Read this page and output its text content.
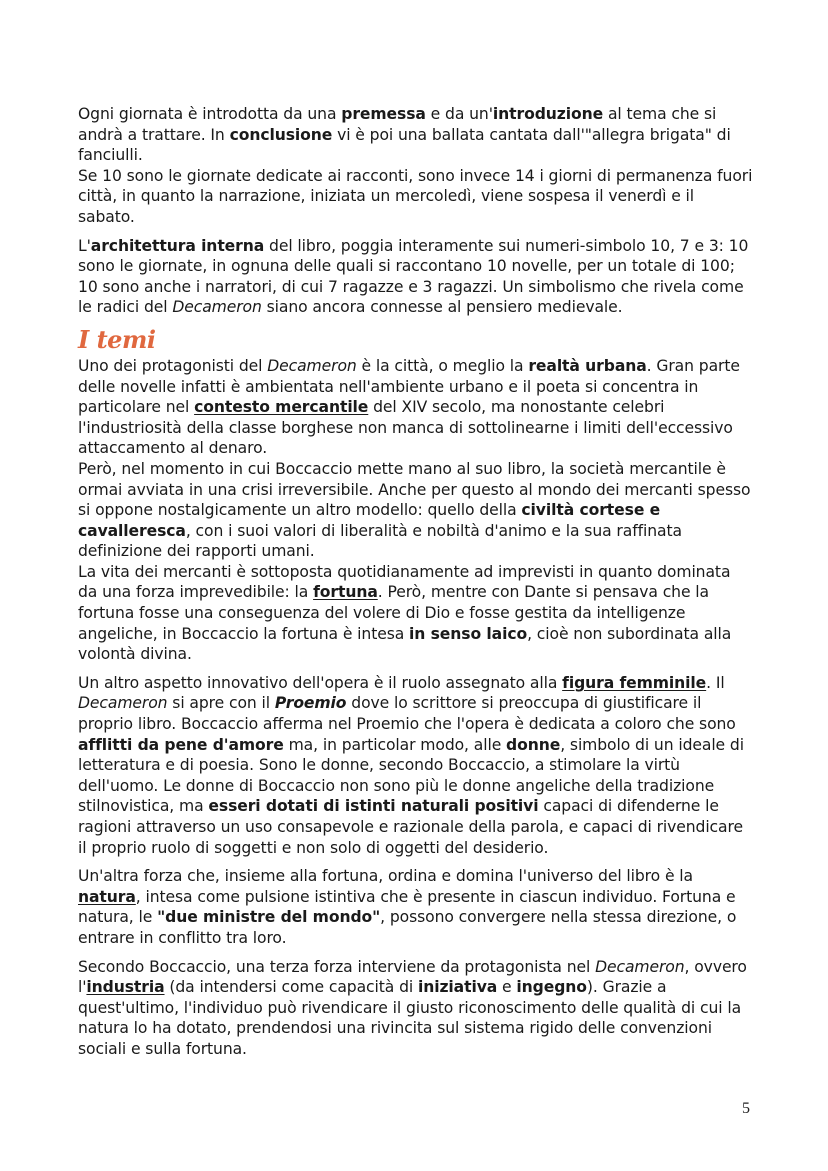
Ogni giornata è introdotta da una premessa e da un'introduzione al tema che si andrà a trattare. In conclusione vi è poi una ballata cantata dall'"allegra brigata" di fanciulli.

Se 10 sono le giornate dedicate ai racconti, sono invece 14 i giorni di permanenza fuori città, in quanto la narrazione, iniziata un mercoledì, viene sospesa il venerdì e il sabato.

L'architettura interna del libro, poggia interamente sui numeri-simbolo 10, 7 e 3: 10 sono le giornate, in ognuna delle quali si raccontano 10 novelle, per un totale di 100; 10 sono anche i narratori, di cui 7 ragazze e 3 ragazzi. Un simbolismo che rivela come le radici del Decameron siano ancora connesse al pensiero medievale.

I temi

Uno dei protagonisti del Decameron è la città, o meglio la realtà urbana. Gran parte delle novelle infatti è ambientata nell'ambiente urbano e il poeta si concentra in particolare nel contesto mercantile del XIV secolo, ma nonostante celebri l'industriosità della classe borghese non manca di sottolinearne i limiti dell'eccessivo attaccamento al denaro.

Però, nel momento in cui Boccaccio mette mano al suo libro, la società mercantile è ormai avviata in una crisi irreversibile. Anche per questo al mondo dei mercanti spesso si oppone nostalgicamente un altro modello: quello della civiltà cortese e cavalleresca, con i suoi valori di liberalità e nobiltà d'animo e la sua raffinata definizione dei rapporti umani.

La vita dei mercanti è sottoposta quotidianamente ad imprevisti in quanto dominata da una forza imprevedibile: la fortuna. Però, mentre con Dante si pensava che la fortuna fosse una conseguenza del volere di Dio e fosse gestita da intelligenze angeliche, in Boccaccio la fortuna è intesa in senso laico, cioè non subordinata alla volontà divina.

Un altro aspetto innovativo dell'opera è il ruolo assegnato alla figura femminile. Il Decameron si apre con il Proemio dove lo scrittore si preoccupa di giustificare il proprio libro. Boccaccio afferma nel Proemio che l'opera è dedicata a coloro che sono afflitti da pene d'amore ma, in particolar modo, alle donne, simbolo di un ideale di letteratura e di poesia. Sono le donne, secondo Boccaccio, a stimolare la virtù dell'uomo. Le donne di Boccaccio non sono più le donne angeliche della tradizione stilnovistica, ma esseri dotati di istinti naturali positivi capaci di difenderne le ragioni attraverso un uso consapevole e razionale della parola, e capaci di rivendicare il proprio ruolo di soggetti e non solo di oggetti del desiderio.

Un'altra forza che, insieme alla fortuna, ordina e domina l'universo del libro è la natura, intesa come pulsione istintiva che è presente in ciascun individuo. Fortuna e natura, le "due ministre del mondo", possono convergere nella stessa direzione, o entrare in conflitto tra loro.

Secondo Boccaccio, una terza forza interviene da protagonista nel Decameron, ovvero l'industria (da intendersi come capacità di iniziativa e ingegno). Grazie a quest'ultimo, l'individuo può rivendicare il giusto riconoscimento delle qualità di cui la natura lo ha dotato, prendendosi una rivincita sul sistema rigido delle convenzioni sociali e sulla fortuna.

5
